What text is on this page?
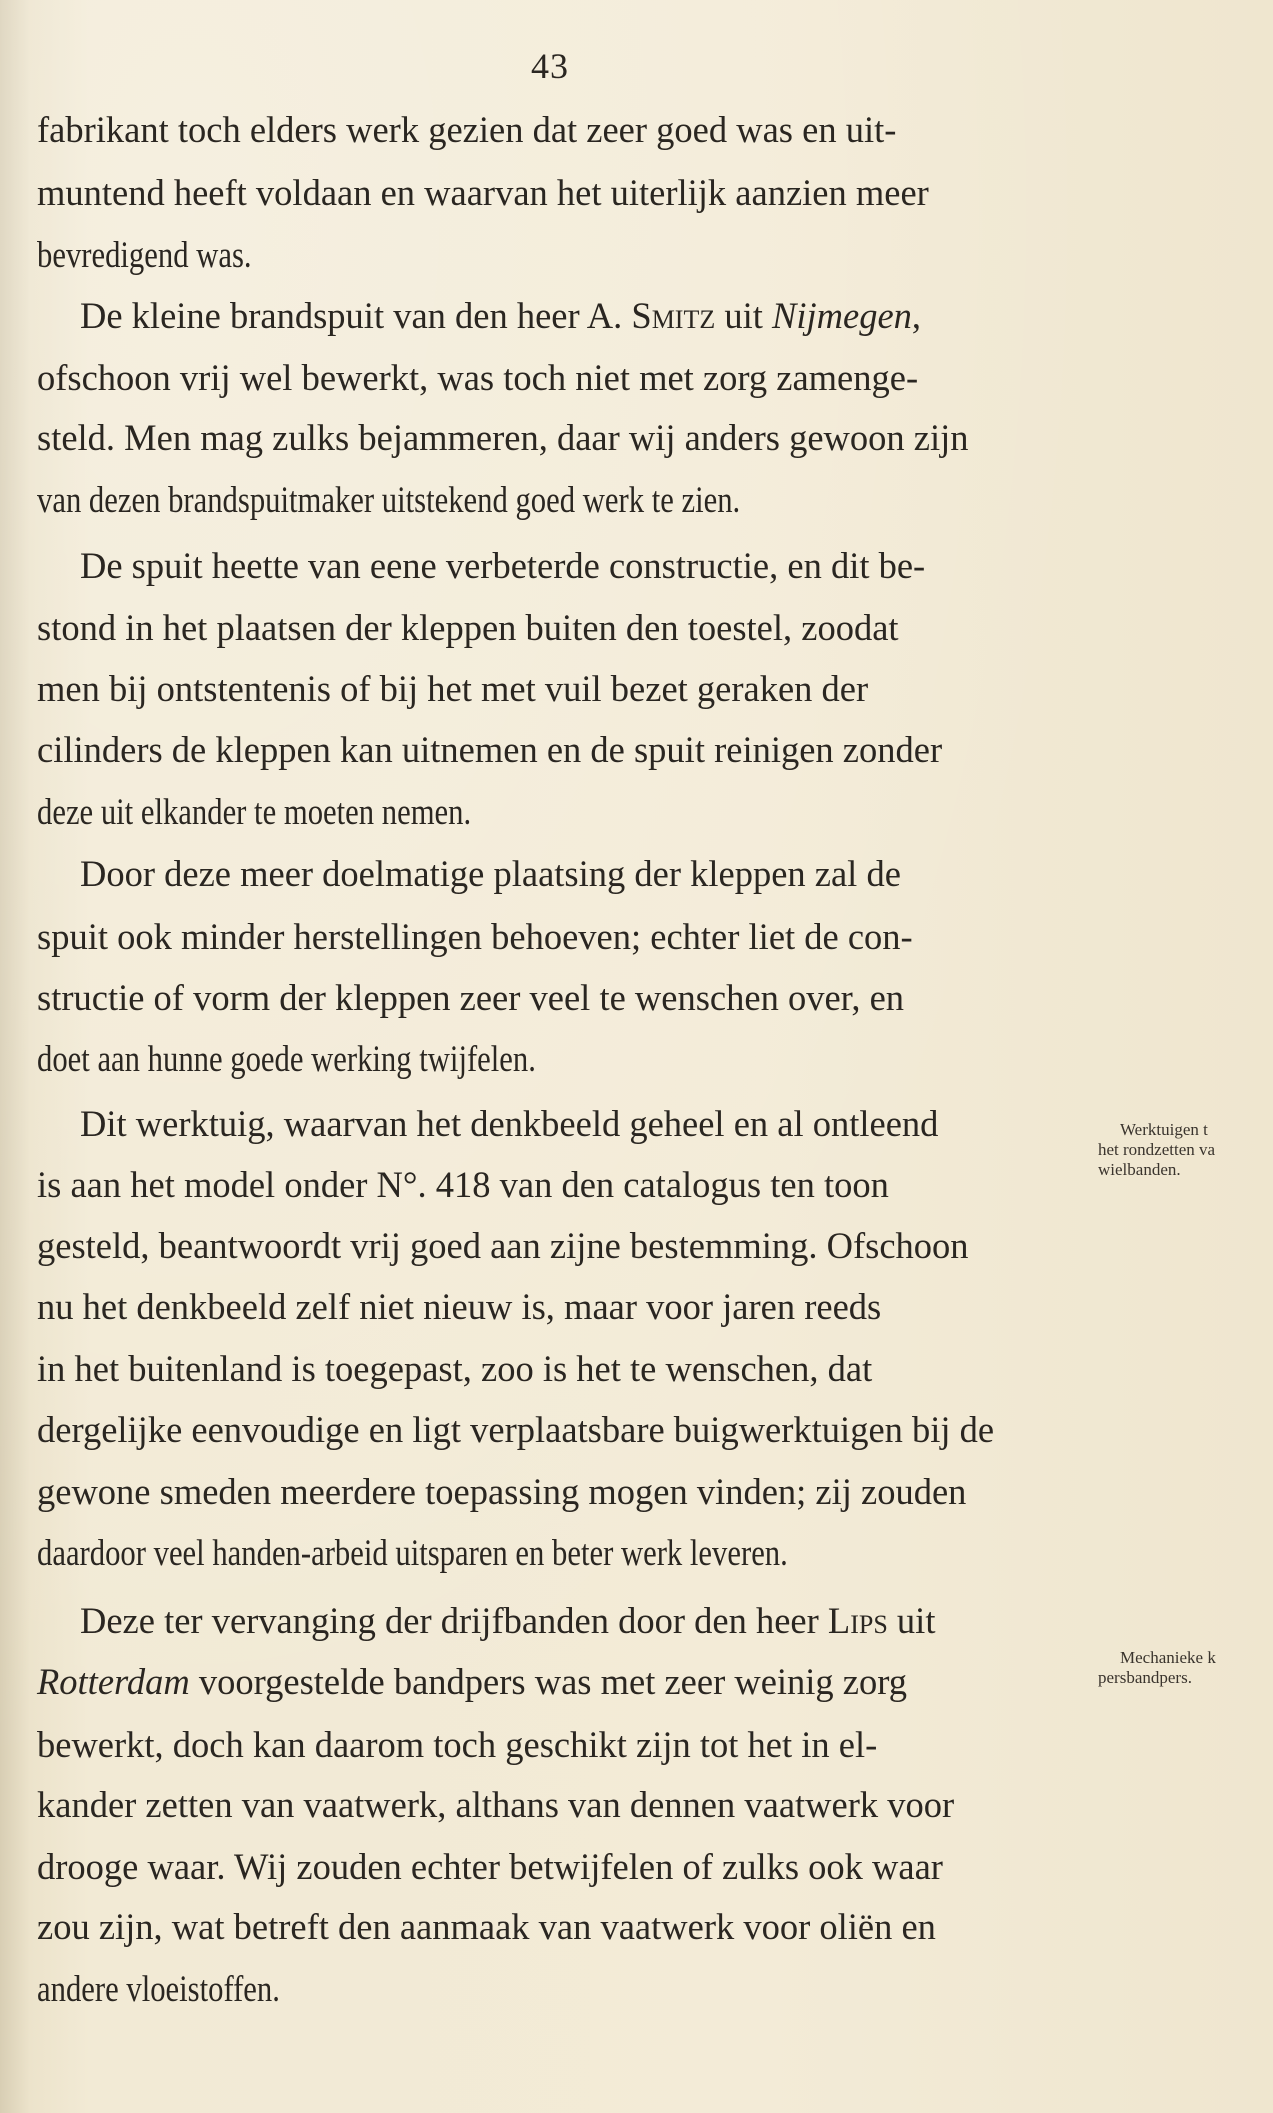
43
fabrikant toch elders werk gezien dat zeer goed was en uit-
muntend heeft voldaan en waarvan het uiterlijk aanzien meer
bevredigend was.
De kleine brandspuit van den heer A. Smitz uit Nijmegen,
ofschoon vrij wel bewerkt, was toch niet met zorg zamenge-
steld. Men mag zulks bejammeren, daar wij anders gewoon zijn
van dezen brandspuitmaker uitstekend goed werk te zien.
De spuit heette van eene verbeterde constructie, en dit be-
stond in het plaatsen der kleppen buiten den toestel, zoodat
men bij ontstentenis of bij het met vuil bezet geraken der
cilinders de kleppen kan uitnemen en de spuit reinigen zonder
deze uit elkander te moeten nemen.
Door deze meer doelmatige plaatsing der kleppen zal de
spuit ook minder herstellingen behoeven; echter liet de con-
structie of vorm der kleppen zeer veel te wenschen over, en
doet aan hunne goede werking twijfelen.
Dit werktuig, waarvan het denkbeeld geheel en al ontleend
is aan het model onder N°. 418 van den catalogus ten toon
gesteld, beantwoordt vrij goed aan zijne bestemming. Ofschoon
nu het denkbeeld zelf niet nieuw is, maar voor jaren reeds
in het buitenland is toegepast, zoo is het te wenschen, dat
dergelijke eenvoudige en ligt verplaatsbare buigwerktuigen bij de
gewone smeden meerdere toepassing mogen vinden; zij zouden
daardoor veel handen-arbeid uitsparen en beter werk leveren.
Deze ter vervanging der drijfbanden door den heer Lips uit
Rotterdam voorgestelde bandpers was met zeer weinig zorg
bewerkt, doch kan daarom toch geschikt zijn tot het in el-
kander zetten van vaatwerk, althans van dennen vaatwerk voor
drooge waar. Wij zouden echter betwijfelen of zulks ook waar
zou zijn, wat betreft den aanmaak van vaatwerk voor oliën en
andere vloeistoffen.
Werktuigen t
het rondzetten va
wielbanden.
Mechanieke k
persbandpers.
